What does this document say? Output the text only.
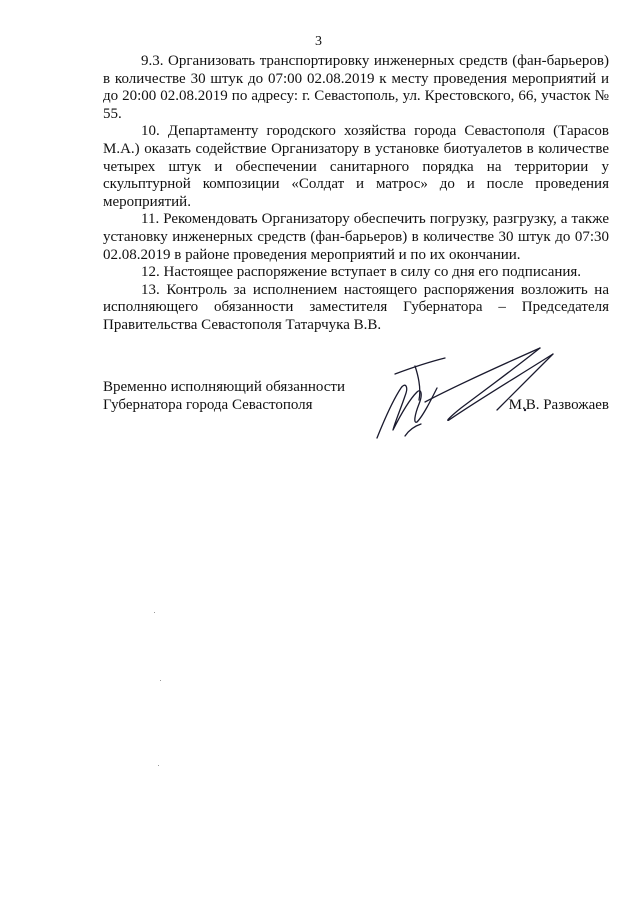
3

9.3. Организовать транспортировку инженерных средств (фан-барьеров) в количестве 30 штук до 07:00 02.08.2019 к месту проведения мероприятий и до 20:00 02.08.2019 по адресу: г. Севастополь, ул. Крестовского, 66, участок № 55.

10. Департаменту городского хозяйства города Севастополя (Тарасов М.А.) оказать содействие Организатору в установке биотуалетов в количестве четырех штук и обеспечении санитарного порядка на территории у скульптурной композиции «Солдат и матрос» до и после проведения мероприятий.

11. Рекомендовать Организатору обеспечить погрузку, разгрузку, а также установку инженерных средств (фан-барьеров) в количестве 30 штук до 07:30 02.08.2019 в районе проведения мероприятий и по их окончании.

12. Настоящее распоряжение вступает в силу со дня его подписания.

13. Контроль за исполнением настоящего распоряжения возложить на исполняющего обязанности заместителя Губернатора – Председателя Правительства Севастополя Татарчука В.В.

Временно исполняющий обязанности
Губернатора города Севастополя	М.В. Развожаев
